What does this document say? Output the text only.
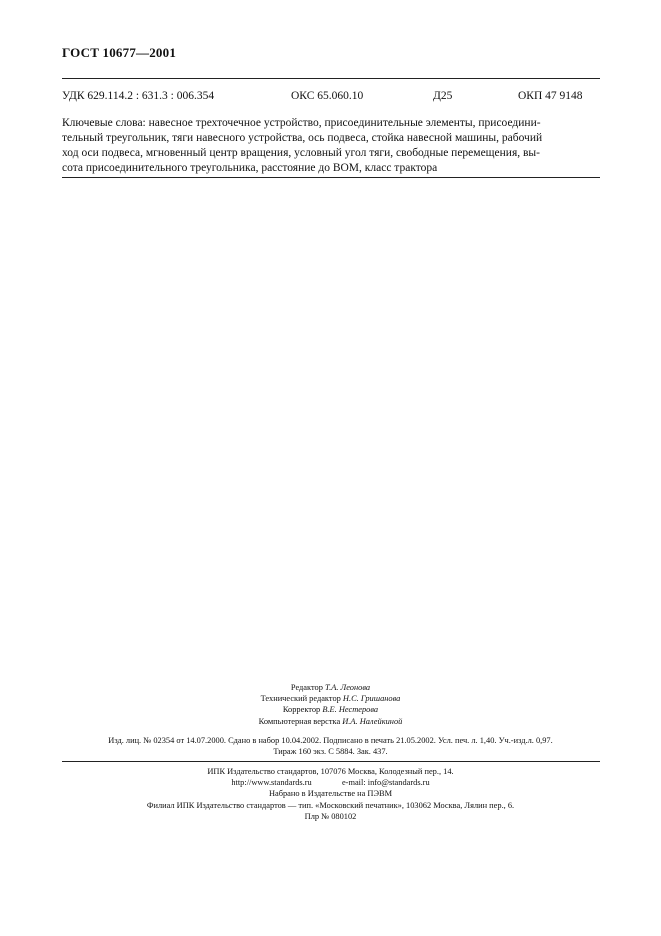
ГОСТ 10677—2001
УДК 629.114.2 : 631.3 : 006.354	ОКС 65.060.10	Д25	ОКП 47 9148
Ключевые слова: навесное трехточечное устройство, присоединительные элементы, присоедини-
тельный треугольник, тяги навесного устройства, ось подвеса, стойка навесной машины, рабочий
ход оси подвеса, мгновенный центр вращения, условный угол тяги, свободные перемещения, вы-
сота присоединительного треугольника, расстояние до ВОМ, класс трактора
Редактор Т.А. Леонова
Технический редактор Н.С. Гришанова
Корректор В.Е. Нестерова
Компьютерная верстка И.А. Налейкиной
Изд. лиц. № 02354 от 14.07.2000. Сдано в набор 10.04.2002. Подписано в печать 21.05.2002. Усл. печ. л. 1,40. Уч.-изд.л. 0,97.
Тираж 160 экз. С 5884. Зак. 437.
ИПК Издательство стандартов, 107076 Москва, Колодезный пер., 14.
http://www.standards.ru	e-mail: info@standards.ru
Набрано в Издательстве на ПЭВМ
Филиал ИПК Издательство стандартов — тип. «Московский печатник», 103062 Москва, Лялин пер., 6.
Плр № 080102
